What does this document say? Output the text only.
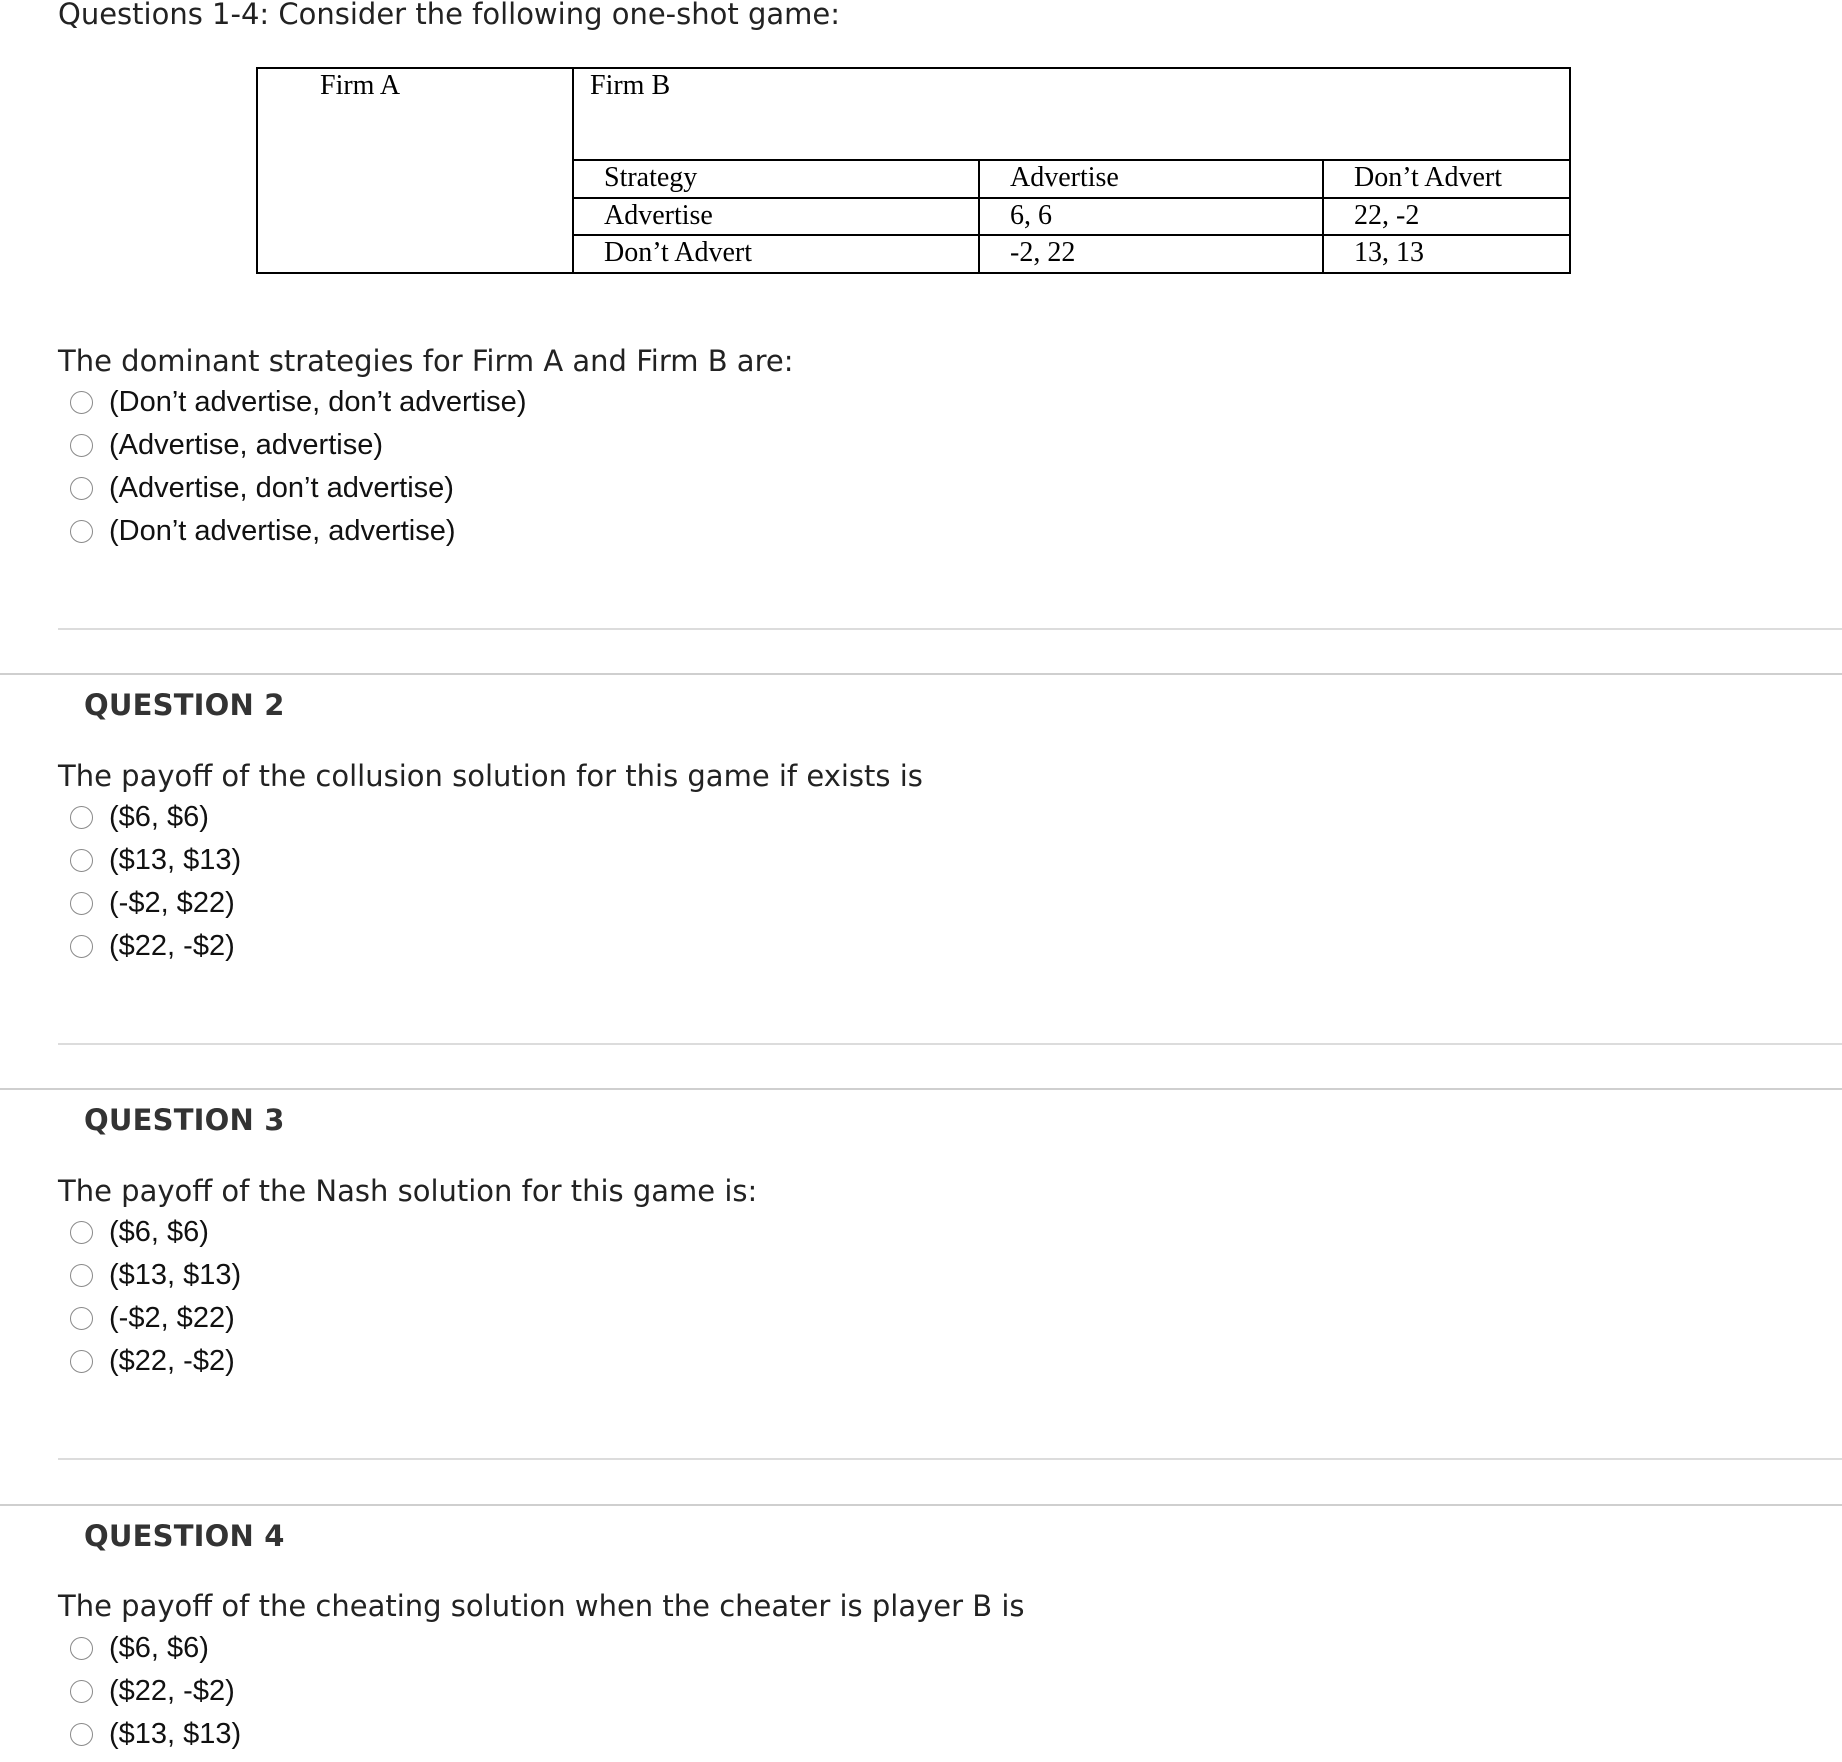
Questions 1-4: Consider the following one-shot game:
Firm A	Firm B		
	Strategy	Advertise	Don’t Advert
	Advertise	6, 6	22, -2
	Don’t Advert	-2, 22	13, 13
The dominant strategies for Firm A and Firm B are:
(Don’t advertise, don’t advertise)
(Advertise, advertise)
(Advertise, don’t advertise)
(Don’t advertise, advertise)
QUESTION 2
The payoff of the collusion solution for this game if exists is
($6, $6)
($13, $13)
(-$2, $22)
($22, -$2)
QUESTION 3
The payoff of the Nash solution for this game is:
($6, $6)
($13, $13)
(-$2, $22)
($22, -$2)
QUESTION 4
The payoff of the cheating solution when the cheater is player B is
($6, $6)
($22, -$2)
($13, $13)
